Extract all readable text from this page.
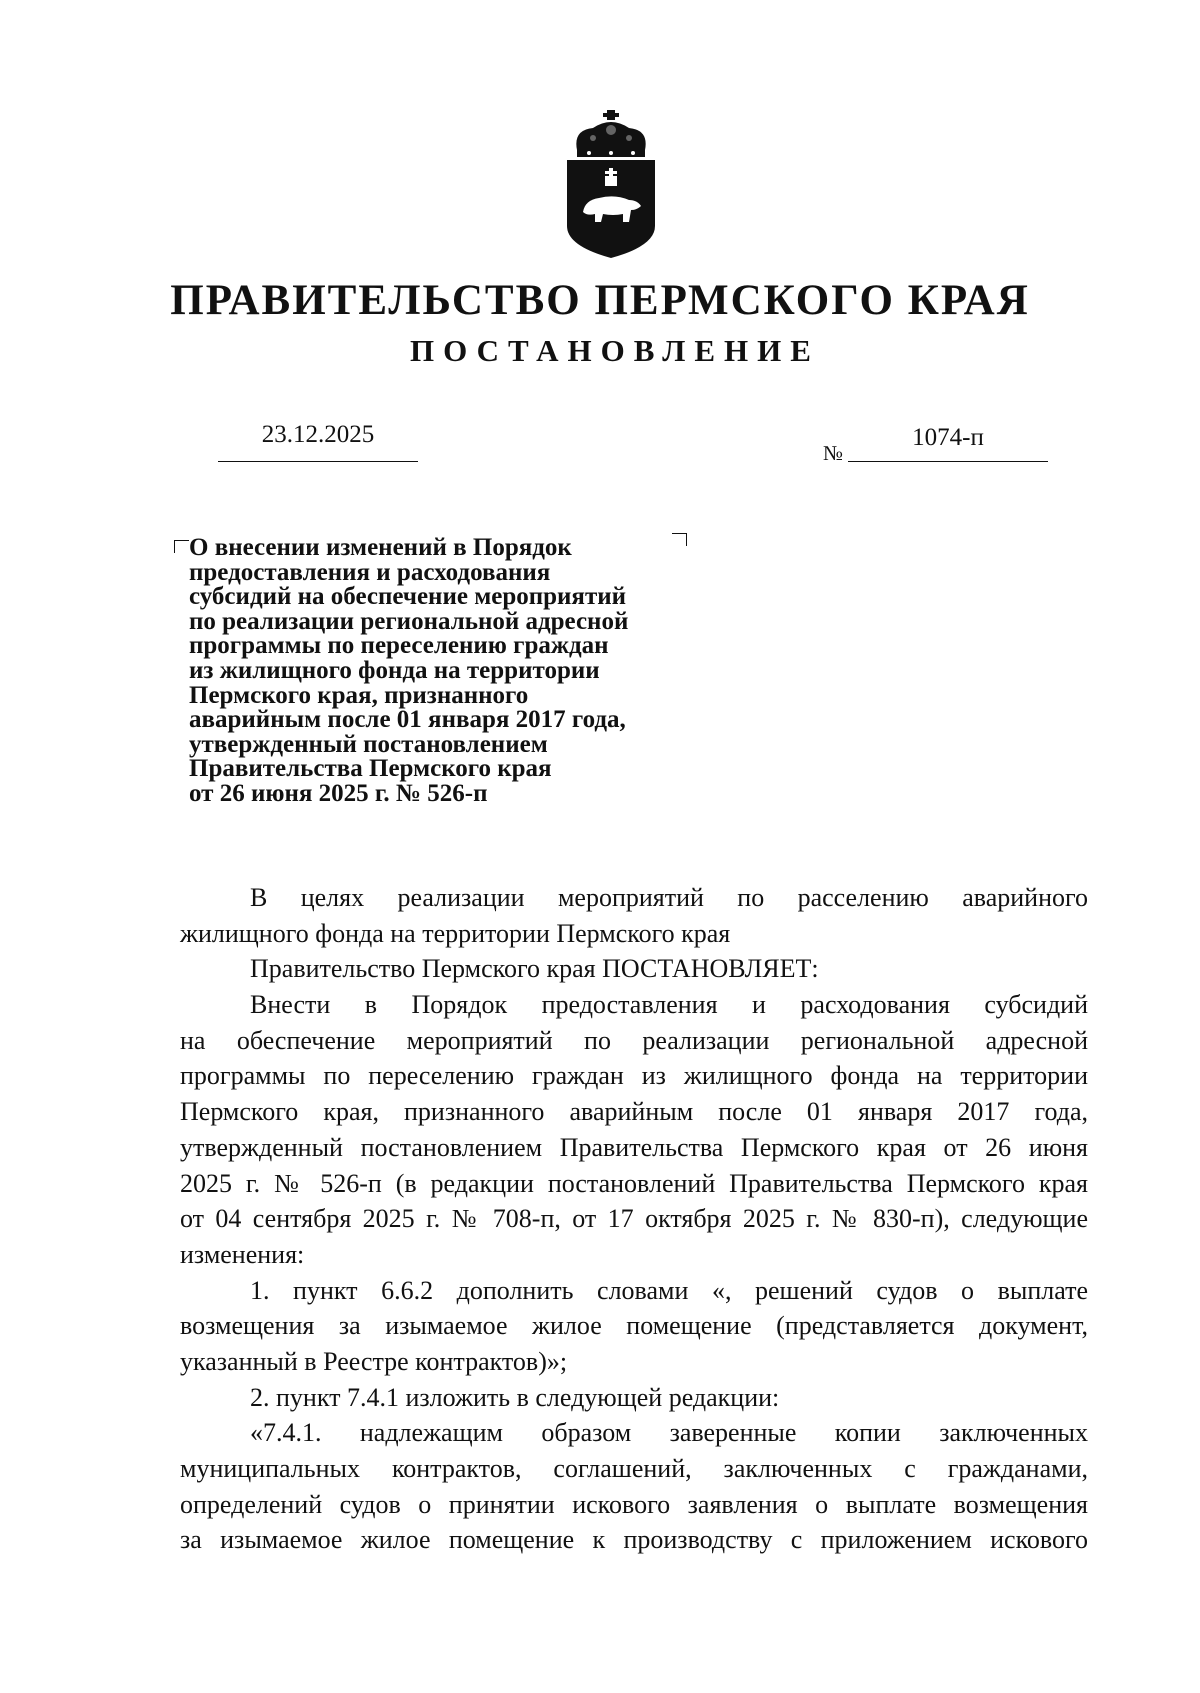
ПРАВИТЕЛЬСТВО ПЕРМСКОГО КРАЯ
ПОСТАНОВЛЕНИЕ
23.12.2025
№
1074-п
О внесении изменений в Порядок
предоставления и расходования
субсидий на обеспечение мероприятий
по реализации региональной адресной
программы по переселению граждан
из жилищного фонда на территории
Пермского края, признанного
аварийным после 01 января 2017 года,
утвержденный постановлением
Правительства Пермского края
от 26 июня 2025 г. № 526-п
В целях реализации мероприятий по расселению аварийного
жилищного фонда на территории Пермского края
Правительство Пермского края ПОСТАНОВЛЯЕТ:
Внести в Порядок предоставления и расходования субсидий
на обеспечение мероприятий по реализации региональной адресной
программы по переселению граждан из жилищного фонда на территории
Пермского края, признанного аварийным после 01 января 2017 года,
утвержденный постановлением Правительства Пермского края от 26 июня
2025 г. № 526-п (в редакции постановлений Правительства Пермского края
от 04 сентября 2025 г. № 708-п, от 17 октября 2025 г. № 830-п), следующие
изменения:
1. пункт 6.6.2 дополнить словами «, решений судов о выплате
возмещения за изымаемое жилое помещение (представляется документ,
указанный в Реестре контрактов)»;
2. пункт 7.4.1 изложить в следующей редакции:
«7.4.1. надлежащим образом заверенные копии заключенных
муниципальных контрактов, соглашений, заключенных с гражданами,
определений судов о принятии искового заявления о выплате возмещения
за изымаемое жилое помещение к производству с приложением искового
